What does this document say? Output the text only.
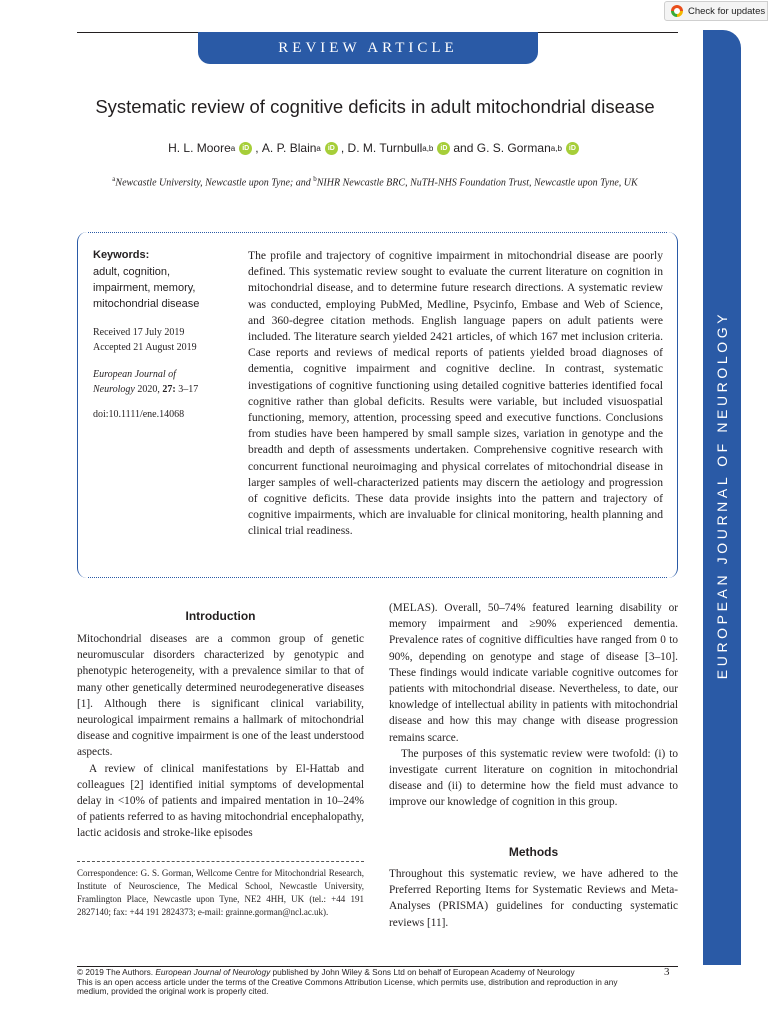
Check for updates
REVIEW ARTICLE
EUROPEAN JOURNAL OF NEUROLOGY
Systematic review of cognitive deficits in adult mitochondrial disease
H. L. Moore a	iD ,
A. P. Blain a	iD ,
D. M. Turnbull a,b	iD and
G. S. Gorman a,b	iD
$^a$Newcastle University, Newcastle upon Tyne; and $^b$NIHR Newcastle BRC, NuTH-NHS Foundation Trust, Newcastle upon Tyne, UK
Keywords:
adult, cognition,
impairment, memory,
mitochondrial disease
Received 17 July 2019
Accepted 21 August 2019
European Journal of
Neurology 2020, 27: 3–17
doi:10.1111/ene.14068
The profile and trajectory of cognitive impairment in mitochondrial disease are poorly defined. This systematic review sought to evaluate the current literature on cognition in mitochondrial disease, and to determine future research directions. A systematic review was conducted, employing PubMed, Medline, Psycinfo, Embase and Web of Science, and 360-degree citation methods. English language papers on adult patients were included. The literature search yielded 2421 articles, of which 167 met inclusion criteria. Case reports and reviews of medical reports of patients yielded broad diagnoses of dementia, cognitive impairment and cognitive decline. In contrast, systematic investigations of cognitive functioning using detailed cognitive batteries identified focal cognitive rather than global deficits. Results were variable, but included visuospatial functioning, memory, attention, processing speed and executive functions. Conclusions from studies have been hampered by small sample sizes, variation in genotype and the breadth and depth of assessments undertaken. Comprehensive cognitive research with concurrent functional neuroimaging and physical correlates of mitochondrial disease in larger samples of well-characterized patients may discern the aetiology and progression of cognitive deficits. These data provide insights into the pattern and trajectory of cognitive impairments, which are invaluable for clinical monitoring, health planning and clinical trial readiness.
Introduction

Mitochondrial diseases are a common group of genetic neuromuscular disorders characterized by genotypic and phenotypic heterogeneity, with a prevalence similar to that of many other genetically determined neurodegenerative diseases [1]. Although there is significant clinical variability, neurological impairment remains a hallmark of mitochondrial disease and cognitive impairment is one of the least understood aspects.

A review of clinical manifestations by El-Hattab and colleagues [2] identified initial symptoms of developmental delay in <10% of patients and impaired mentation in 10–24% of patients referred to as having mitochondrial encephalopathy, lactic acidosis and stroke-like episodes

(MELAS). Overall, 50–74% featured learning disability or memory impairment and ≥90% experienced dementia. Prevalence rates of cognitive difficulties have ranged from 0 to 90%, depending on genotype and stage of disease [3–10]. These findings would indicate variable cognitive outcomes for patients with mitochondrial disease. Nevertheless, to date, our knowledge of intellectual ability in patients with mitochondrial disease and how this may change with disease progression remains scarce.

The purposes of this systematic review were twofold: (i) to investigate current literature on cognition in mitochondrial disease and (ii) to determine how the field must advance to improve our knowledge of cognition in this group.

Methods

Throughout this systematic review, we have adhered to the Preferred Reporting Items for Systematic Reviews and Meta-Analyses (PRISMA) guidelines for conducting systematic reviews [11].

Correspondence: G. S. Gorman, Wellcome Centre for Mitochondrial Research, Institute of Neuroscience, The Medical School, Newcastle University, Framlington Place, Newcastle upon Tyne, NE2 4HH, UK (tel.: +44 191 2827140; fax: +44 191 2824373; e-mail: grainne.gorman@ncl.ac.uk).
© 2019 The Authors. European Journal of Neurology published by John Wiley & Sons Ltd on behalf of European Academy of Neurology
This is an open access article under the terms of the Creative Commons Attribution License, which permits use, distribution and reproduction in any medium, provided the original work is properly cited.
3
